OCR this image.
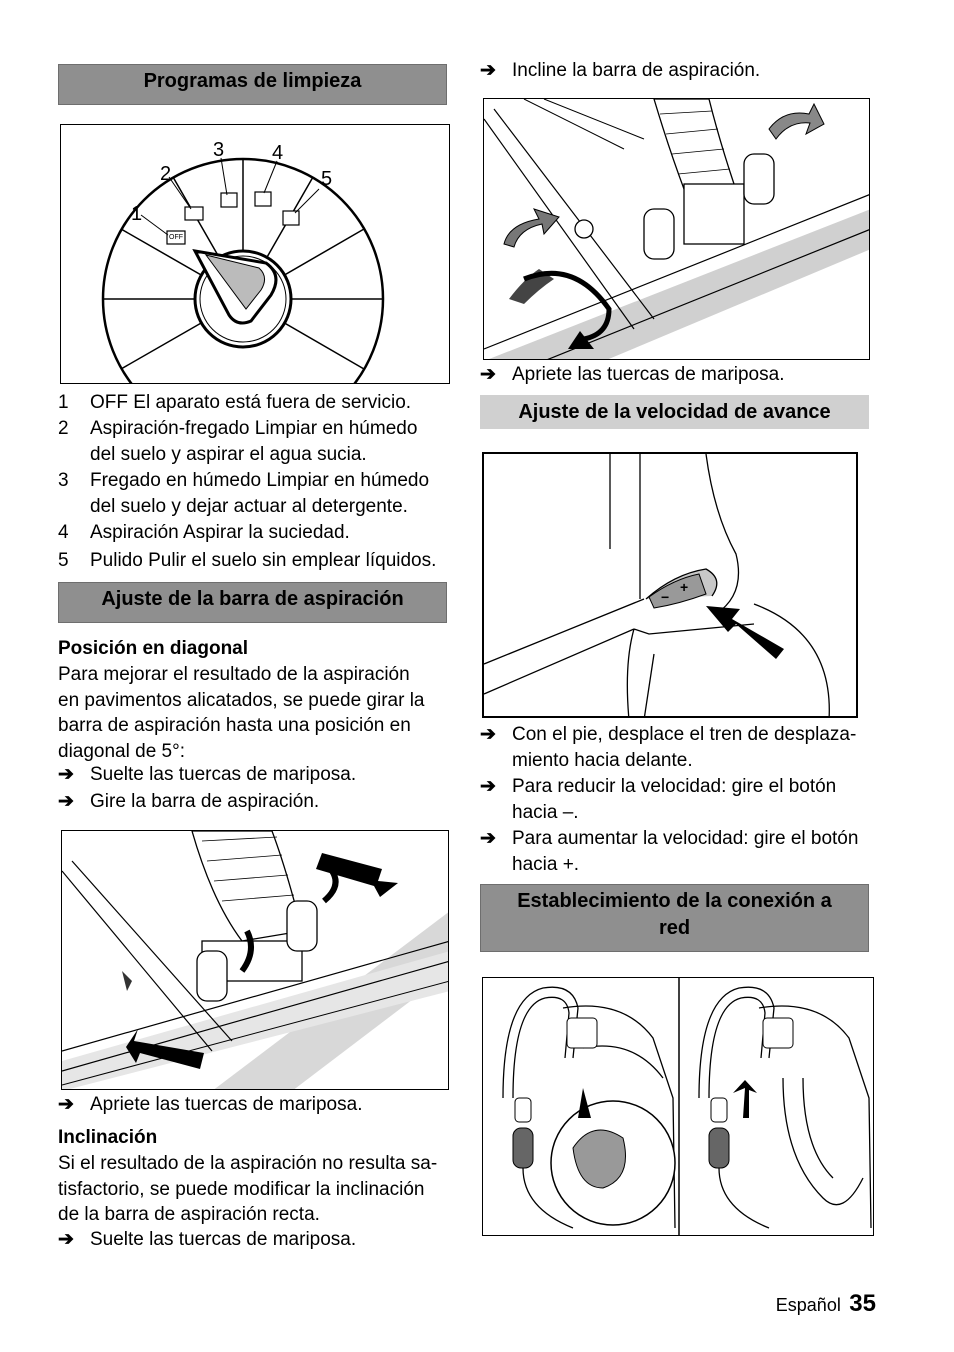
Programas de limpieza
1
2
3 4
5
OFF
1 OFF El aparato está fuera de servicio.
2 Aspiración-fregado Limpiar en húmedo
del suelo y aspirar el agua sucia.
3 Fregado en húmedo Limpiar en húmedo
del suelo y dejar actuar al detergente.
4 Aspiración Aspirar la suciedad.
5 Pulido Pulir el suelo sin emplear líquidos.
Ajuste de la barra de aspiración
Posición en diagonal
Para mejorar el resultado de la aspiración
en pavimentos alicatados, se puede girar la
barra de aspiración hasta una posición en
diagonal de 5°:
➔ Suelte las tuercas de mariposa.
➔ Gire la barra de aspiración.
➔ Apriete las tuercas de mariposa.
Inclinación
Si el resultado de la aspiración no resulta sa-
tisfactorio, se puede modificar la inclinación
de la barra de aspiración recta.
➔ Suelte las tuercas de mariposa.
➔ Incline la barra de aspiración.
➔ Apriete las tuercas de mariposa.
Ajuste de la velocidad de avance
+
−
➔ Con el pie, desplace el tren de desplaza-
miento hacia delante.
➔ Para reducir la velocidad: gire el botón
hacia –.
➔ Para aumentar la velocidad: gire el botón
hacia +.
Establecimiento de la conexión a
red
Español 35
